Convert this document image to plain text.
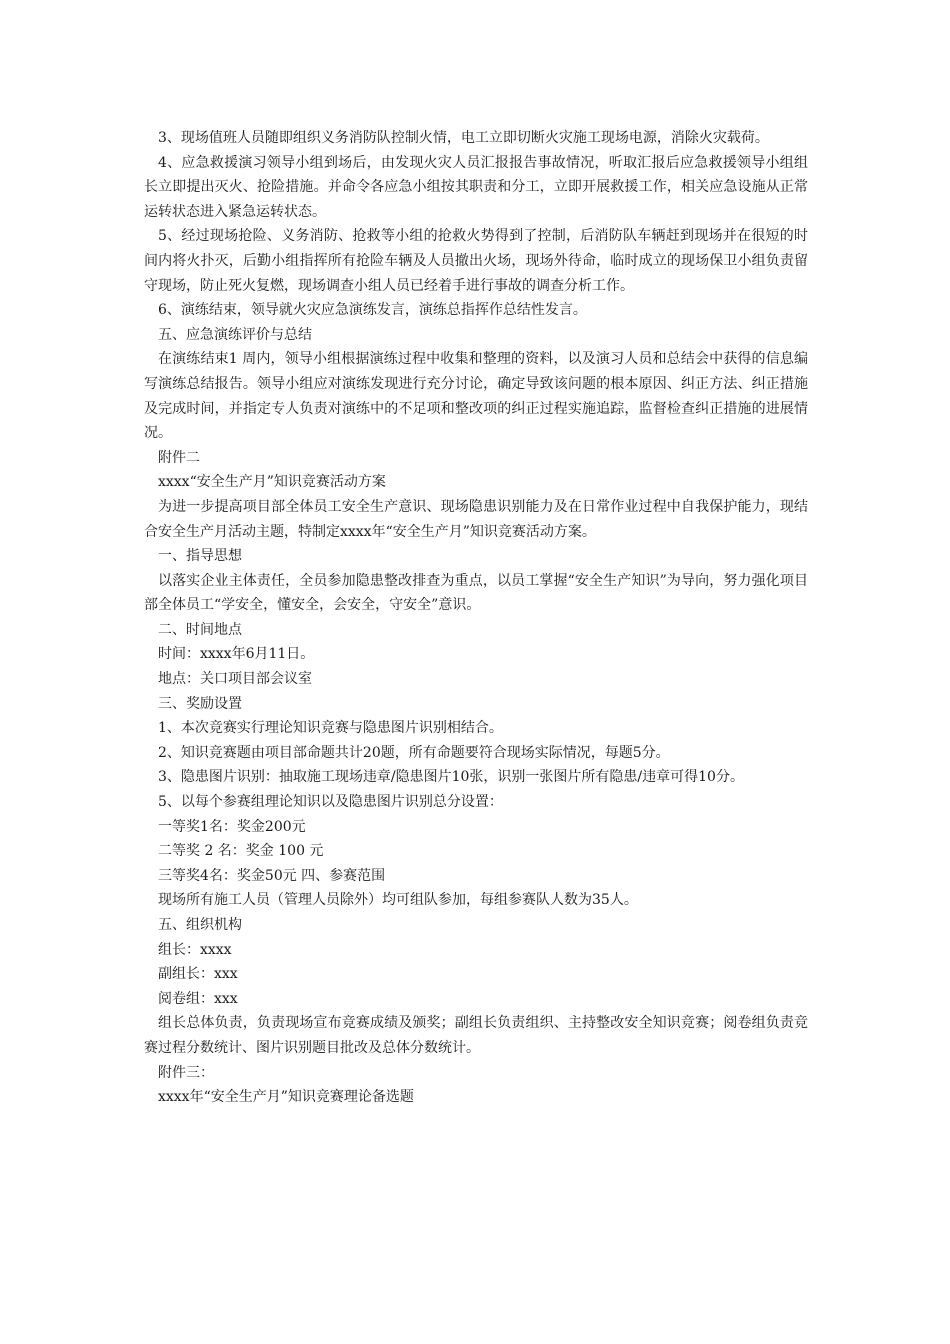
3、现场值班人员随即组织义务消防队控制火情，电工立即切断火灾施工现场电源，消除火灾载荷。

4、应急救援演习领导小组到场后，由发现火灾人员汇报报告事故情况，听取汇报后应急救援领导小组组长立即提出灭火、抢险措施。并命令各应急小组按其职责和分工，立即开展救援工作，相关应急设施从正常运转状态进入紧急运转状态。

5、经过现场抢险、义务消防、抢救等小组的抢救火势得到了控制，后消防队车辆赶到现场并在很短的时间内将火扑灭，后勤小组指挥所有抢险车辆及人员撤出火场，现场外待命，临时成立的现场保卫小组负责留守现场，防止死火复燃，现场调查小组人员已经着手进行事故的调查分析工作。

6、演练结束，领导就火灾应急演练发言，演练总指挥作总结性发言。

五、应急演练评价与总结

在演练结束1 周内，领导小组根据演练过程中收集和整理的资料，以及演习人员和总结会中获得的信息编写演练总结报告。领导小组应对演练发现进行充分讨论，确定导致该问题的根本原因、纠正方法、纠正措施及完成时间，并指定专人负责对演练中的不足项和整改项的纠正过程实施追踪，监督检查纠正措施的进展情况。

附件二

xxxx“安全生产月”知识竞赛活动方案

为进一步提高项目部全体员工安全生产意识、现场隐患识别能力及在日常作业过程中自我保护能力，现结合安全生产月活动主题，特制定xxxx年“安全生产月”知识竞赛活动方案。

一、指导思想

以落实企业主体责任，全员参加隐患整改排查为重点，以员工掌握“安全生产知识”为导向，努力强化项目部全体员工“学安全，懂安全，会安全，守安全”意识。

二、时间地点

时间：xxxx年6月11日。

地点：关口项目部会议室

三、奖励设置

1、本次竞赛实行理论知识竞赛与隐患图片识别相结合。

2、知识竞赛题由项目部命题共计20题，所有命题要符合现场实际情况，每题5分。

3、隐患图片识别：抽取施工现场违章/隐患图片10张，识别一张图片所有隐患/违章可得10分。

5、以每个参赛组理论知识以及隐患图片识别总分设置：

一等奖1名：奖金200元

二等奖 2 名：奖金 100 元

三等奖4名：奖金50元 四、参赛范围

现场所有施工人员（管理人员除外）均可组队参加，每组参赛队人数为35人。

五、组织机构

组长：xxxx

副组长：xxx

阅卷组：xxx

组长总体负责，负责现场宣布竞赛成绩及颁奖；副组长负责组织、主持整改安全知识竞赛；阅卷组负责竞赛过程分数统计、图片识别题目批改及总体分数统计。

附件三：

xxxx年“安全生产月”知识竞赛理论备选题
